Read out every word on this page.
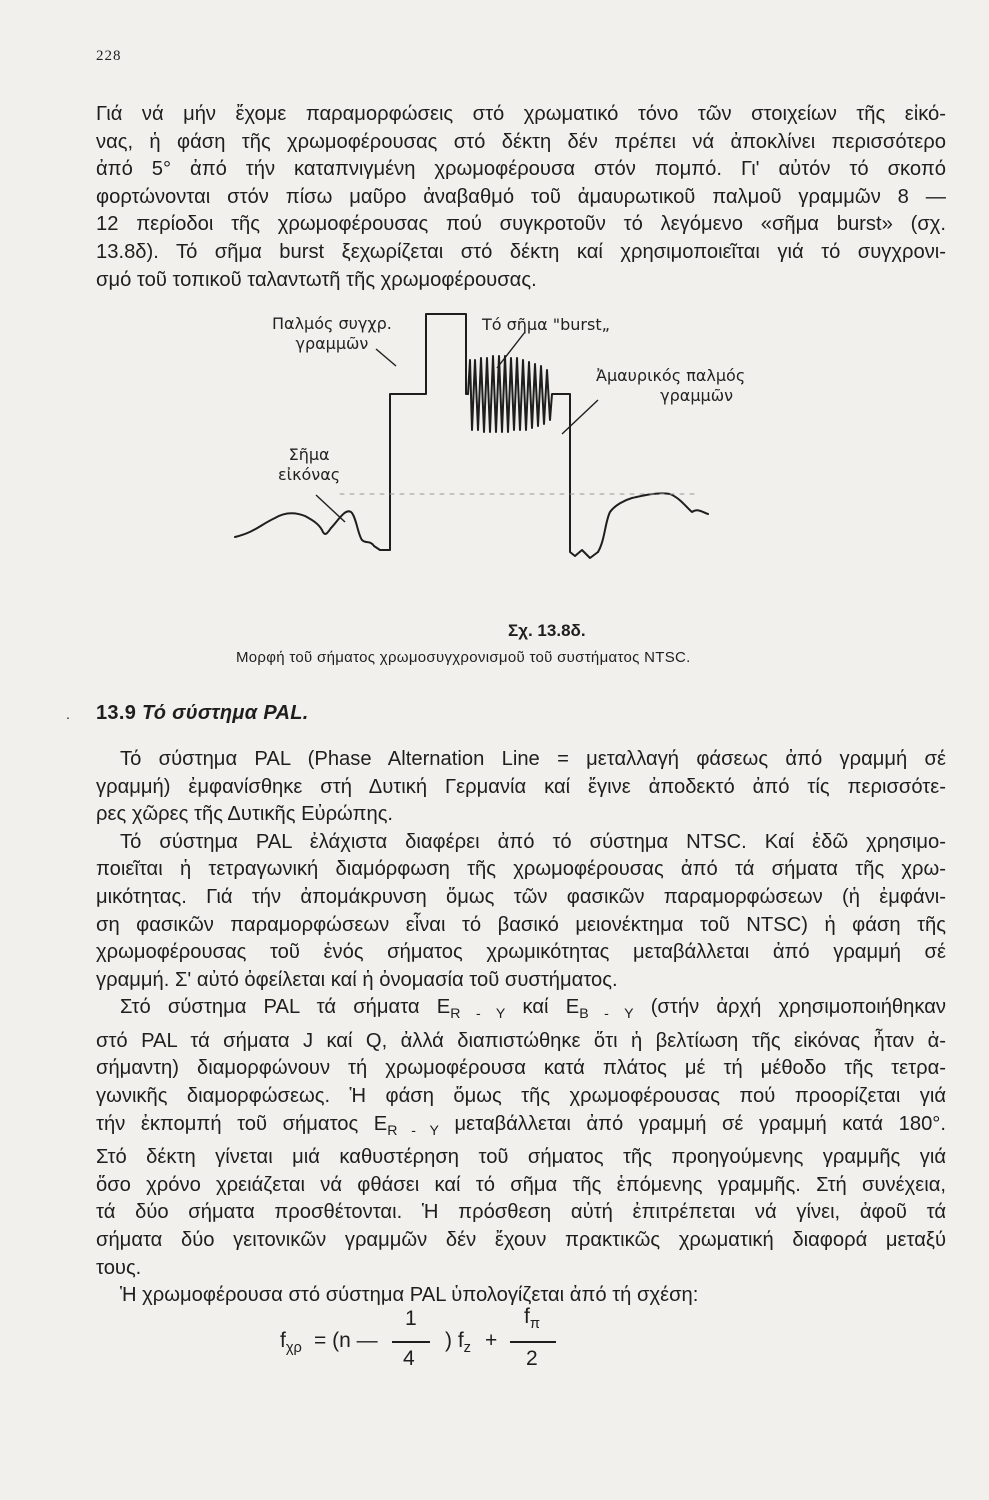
228
Γιά νά μήν ἔχομε παραμορφώσεις στό χρωματικό τόνο τῶν στοιχείων τῆς εἰκό-
νας, ἡ φάση τῆς χρωμοφέρουσας στό δέκτη δέν πρέπει νά ἀποκλίνει περισσότερο
ἀπό 5° ἀπό τήν καταπνιγμένη χρωμοφέρουσα στόν πομπό. Γι' αὐτόν τό σκοπό
φορτώνονται στόν πίσω μαῦρο ἀναβαθμό τοῦ ἀμαυρωτικοῦ παλμοῦ γραμμῶν 8 —
12 περίοδοι τῆς χρωμοφέρουσας πού συγκροτοῦν τό λεγόμενο «σῆμα burst» (σχ.
13.8δ). Τό σῆμα burst ξεχωρίζεται στό δέκτη καί χρησιμοποιεῖται γιά τό συγχρονι-
σμό τοῦ τοπικοῦ ταλαντωτῆ τῆς χρωμοφέρουσας.
Παλμός συγχρ.
γραμμῶν
Τό σῆμα "burst„
Ἀμαυρικός παλμός
γραμμῶν
Σῆμα
εἰκόνας
Σχ. 13.8δ.
Μορφή τοῦ σήματος χρωμοσυγχρονισμοῦ τοῦ συστήματος NTSC.
. 13.9 Τό σύστημα PAL.
Τό σύστημα PAL (Phase Alternation Line = μεταλλαγή φάσεως ἀπό γραμμή σέ
γραμμή) ἐμφανίσθηκε στή Δυτική Γερμανία καί ἔγινε ἀποδεκτό ἀπό τίς περισσότε-
ρες χῶρες τῆς Δυτικῆς Εὐρώπης.
Τό σύστημα PAL ἐλάχιστα διαφέρει ἀπό τό σύστημα NTSC. Καί ἐδῶ χρησιμο-
ποιεῖται ἡ τετραγωνική διαμόρφωση τῆς χρωμοφέρουσας ἀπό τά σήματα τῆς χρω-
μικότητας. Γιά τήν ἀπομάκρυνση ὅμως τῶν φασικῶν παραμορφώσεων (ἡ ἐμφάνι-
ση φασικῶν παραμορφώσεων εἶναι τό βασικό μειονέκτημα τοῦ NTSC) ἡ φάση τῆς
χρωμοφέρουσας τοῦ ἑνός σήματος χρωμικότητας μεταβάλλεται ἀπό γραμμή σέ
γραμμή. Σ' αὐτό ὀφείλεται καί ἡ ὀνομασία τοῦ συστήματος.
Στό σύστημα PAL τά σήματα $E_{R - Y}$ καί $E_{B - Y}$ (στήν ἀρχή χρησιμοποιήθηκαν
στό PAL τά σήματα J καί Q, ἀλλά διαπιστώθηκε ὅτι ἡ βελτίωση τῆς εἰκόνας ἦταν ἀ-
σήμαντη) διαμορφώνουν τή χρωμοφέρουσα κατά πλάτος μέ τή μέθοδο τῆς τετρα-
γωνικῆς διαμορφώσεως. Ἡ φάση ὅμως τῆς χρωμοφέρουσας πού προορίζεται γιά
τήν ἐκπομπή τοῦ σήματος $E_{R - Y}$ μεταβάλλεται ἀπό γραμμή σέ γραμμή κατά 180°.
Στό δέκτη γίνεται μιά καθυστέρηση τοῦ σήματος τῆς προηγούμενης γραμμῆς γιά
ὅσο χρόνο χρειάζεται νά φθάσει καί τό σῆμα τῆς ἑπόμενης γραμμῆς. Στή συνέχεια,
τά δύο σήματα προσθέτονται. Ἡ πρόσθεση αὐτή ἐπιτρέπεται νά γίνει, ἀφοῦ τά
σήματα δύο γειτονικῶν γραμμῶν δέν ἔχουν πρακτικῶς χρωματική διαφορά μεταξύ
τους.
Ἡ χρωμοφέρουσα στό σύστημα PAL ὑπολογίζεται ἀπό τή σχέση:
$f_{\chi\rho} = (n$ —
1
4
) $f_z$ +
$f_\pi$
2
